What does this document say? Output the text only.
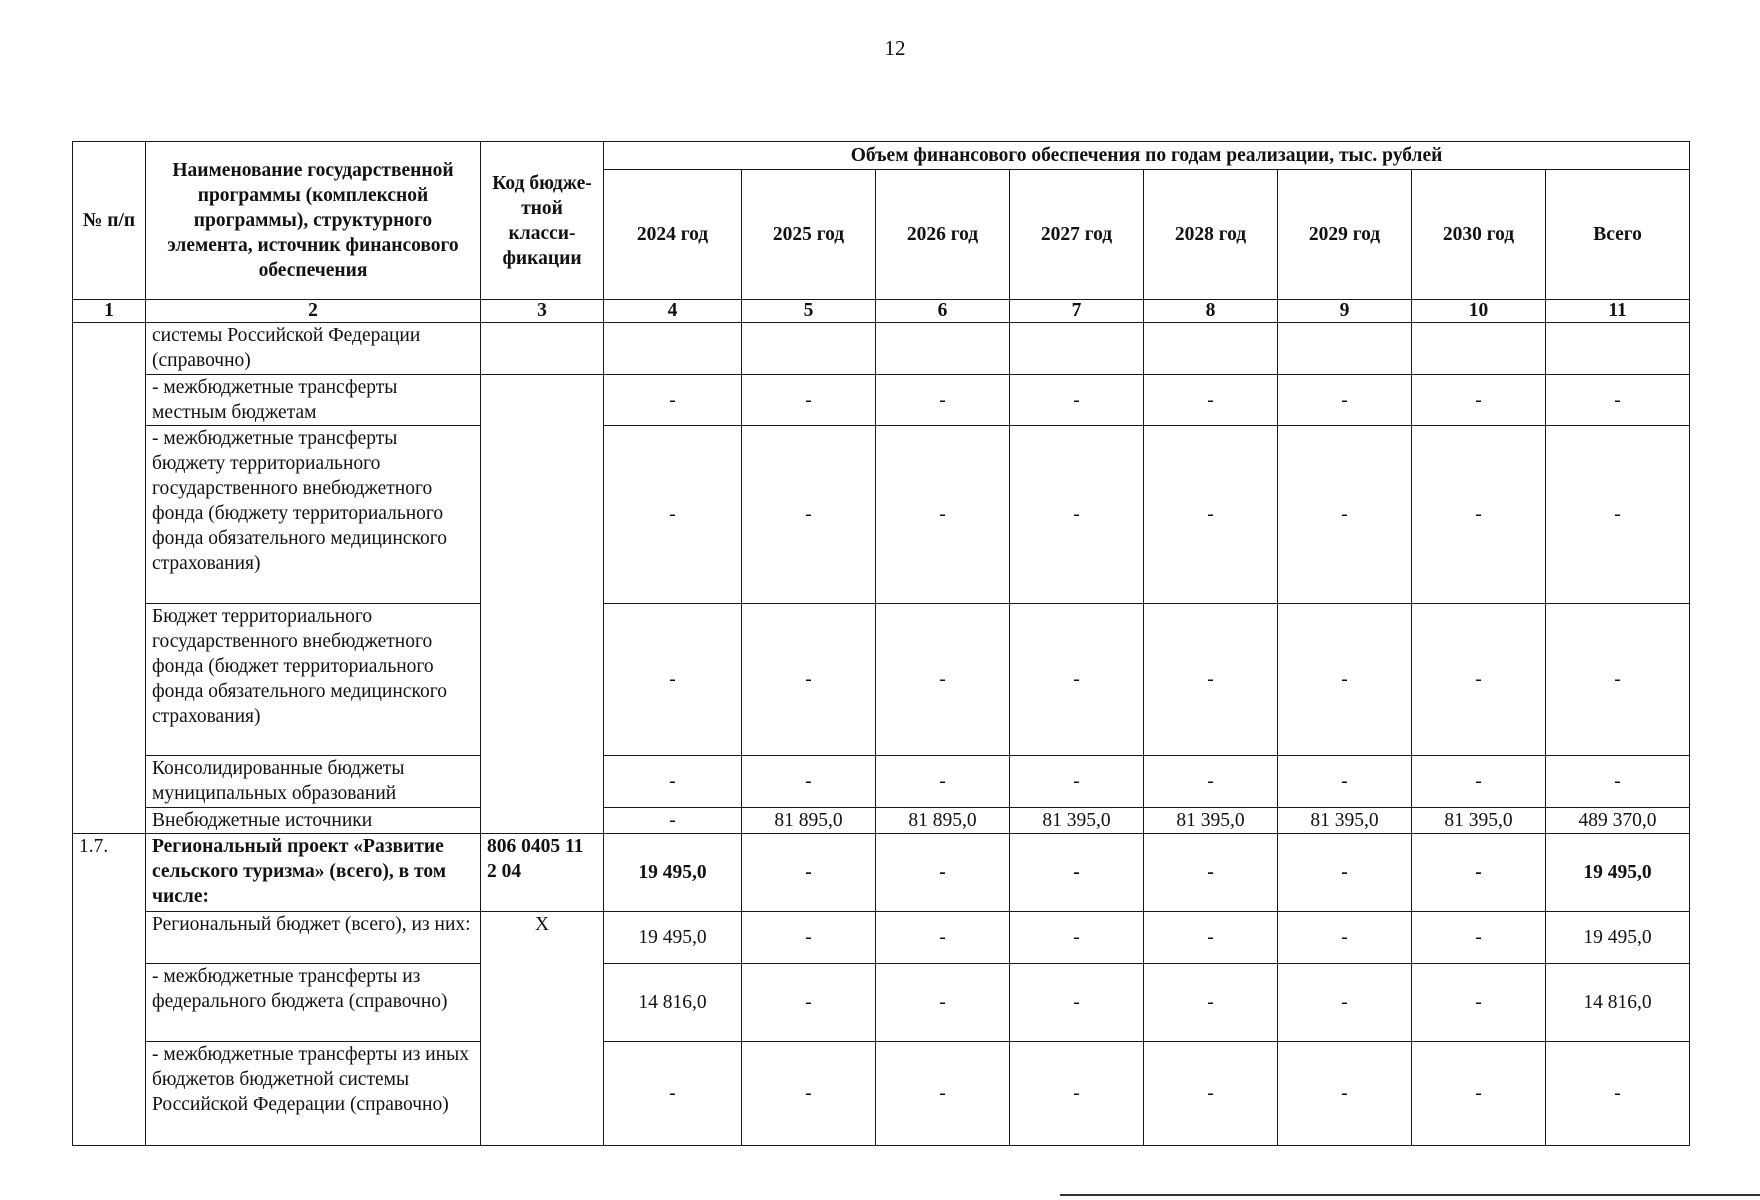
12
№ п/п	Наименование государственной программы (комплексной программы), структурного элемента, источник финансового обеспечения	Код бюдже-тной класси-фикации	Объем финансового обеспечения по годам реализации, тыс. рублей							
			2024 год	2025 год	2026 год	2027 год	2028 год	2029 год	2030 год	Всего
1	2	3	4	5	6	7	8	9	10	11
	системы Российской Федерации (справочно)									
	- межбюджетные трансферты местным бюджетам		-	-	-	-	-	-	-	-
	- межбюджетные трансферты бюджету территориального государственного внебюджетного фонда (бюджету территориального фонда обязательного медицинского страхования)		-	-	-	-	-	-	-	-
	Бюджет территориального государственного внебюджетного фонда (бюджет территориального фонда обязательного медицинского страхования)		-	-	-	-	-	-	-	-
	Консолидированные бюджеты муниципальных образований		-	-	-	-	-	-	-	-
	Внебюджетные источники		-	81 895,0	81 895,0	81 395,0	81 395,0	81 395,0	81 395,0	489 370,0
1.7.	Региональный проект «Развитие сельского туризма» (всего), в том числе:	806 0405 11 2 04	19 495,0	-	-	-	-	-	-	19 495,0
	Региональный бюджет (всего), из них:	X	19 495,0	-	-	-	-	-	-	19 495,0
	- межбюджетные трансферты из федерального бюджета (справочно)		14 816,0	-	-	-	-	-	-	14 816,0
	- межбюджетные трансферты из иных бюджетов бюджетной системы Российской Федерации (справочно)		-	-	-	-	-	-	-	-
